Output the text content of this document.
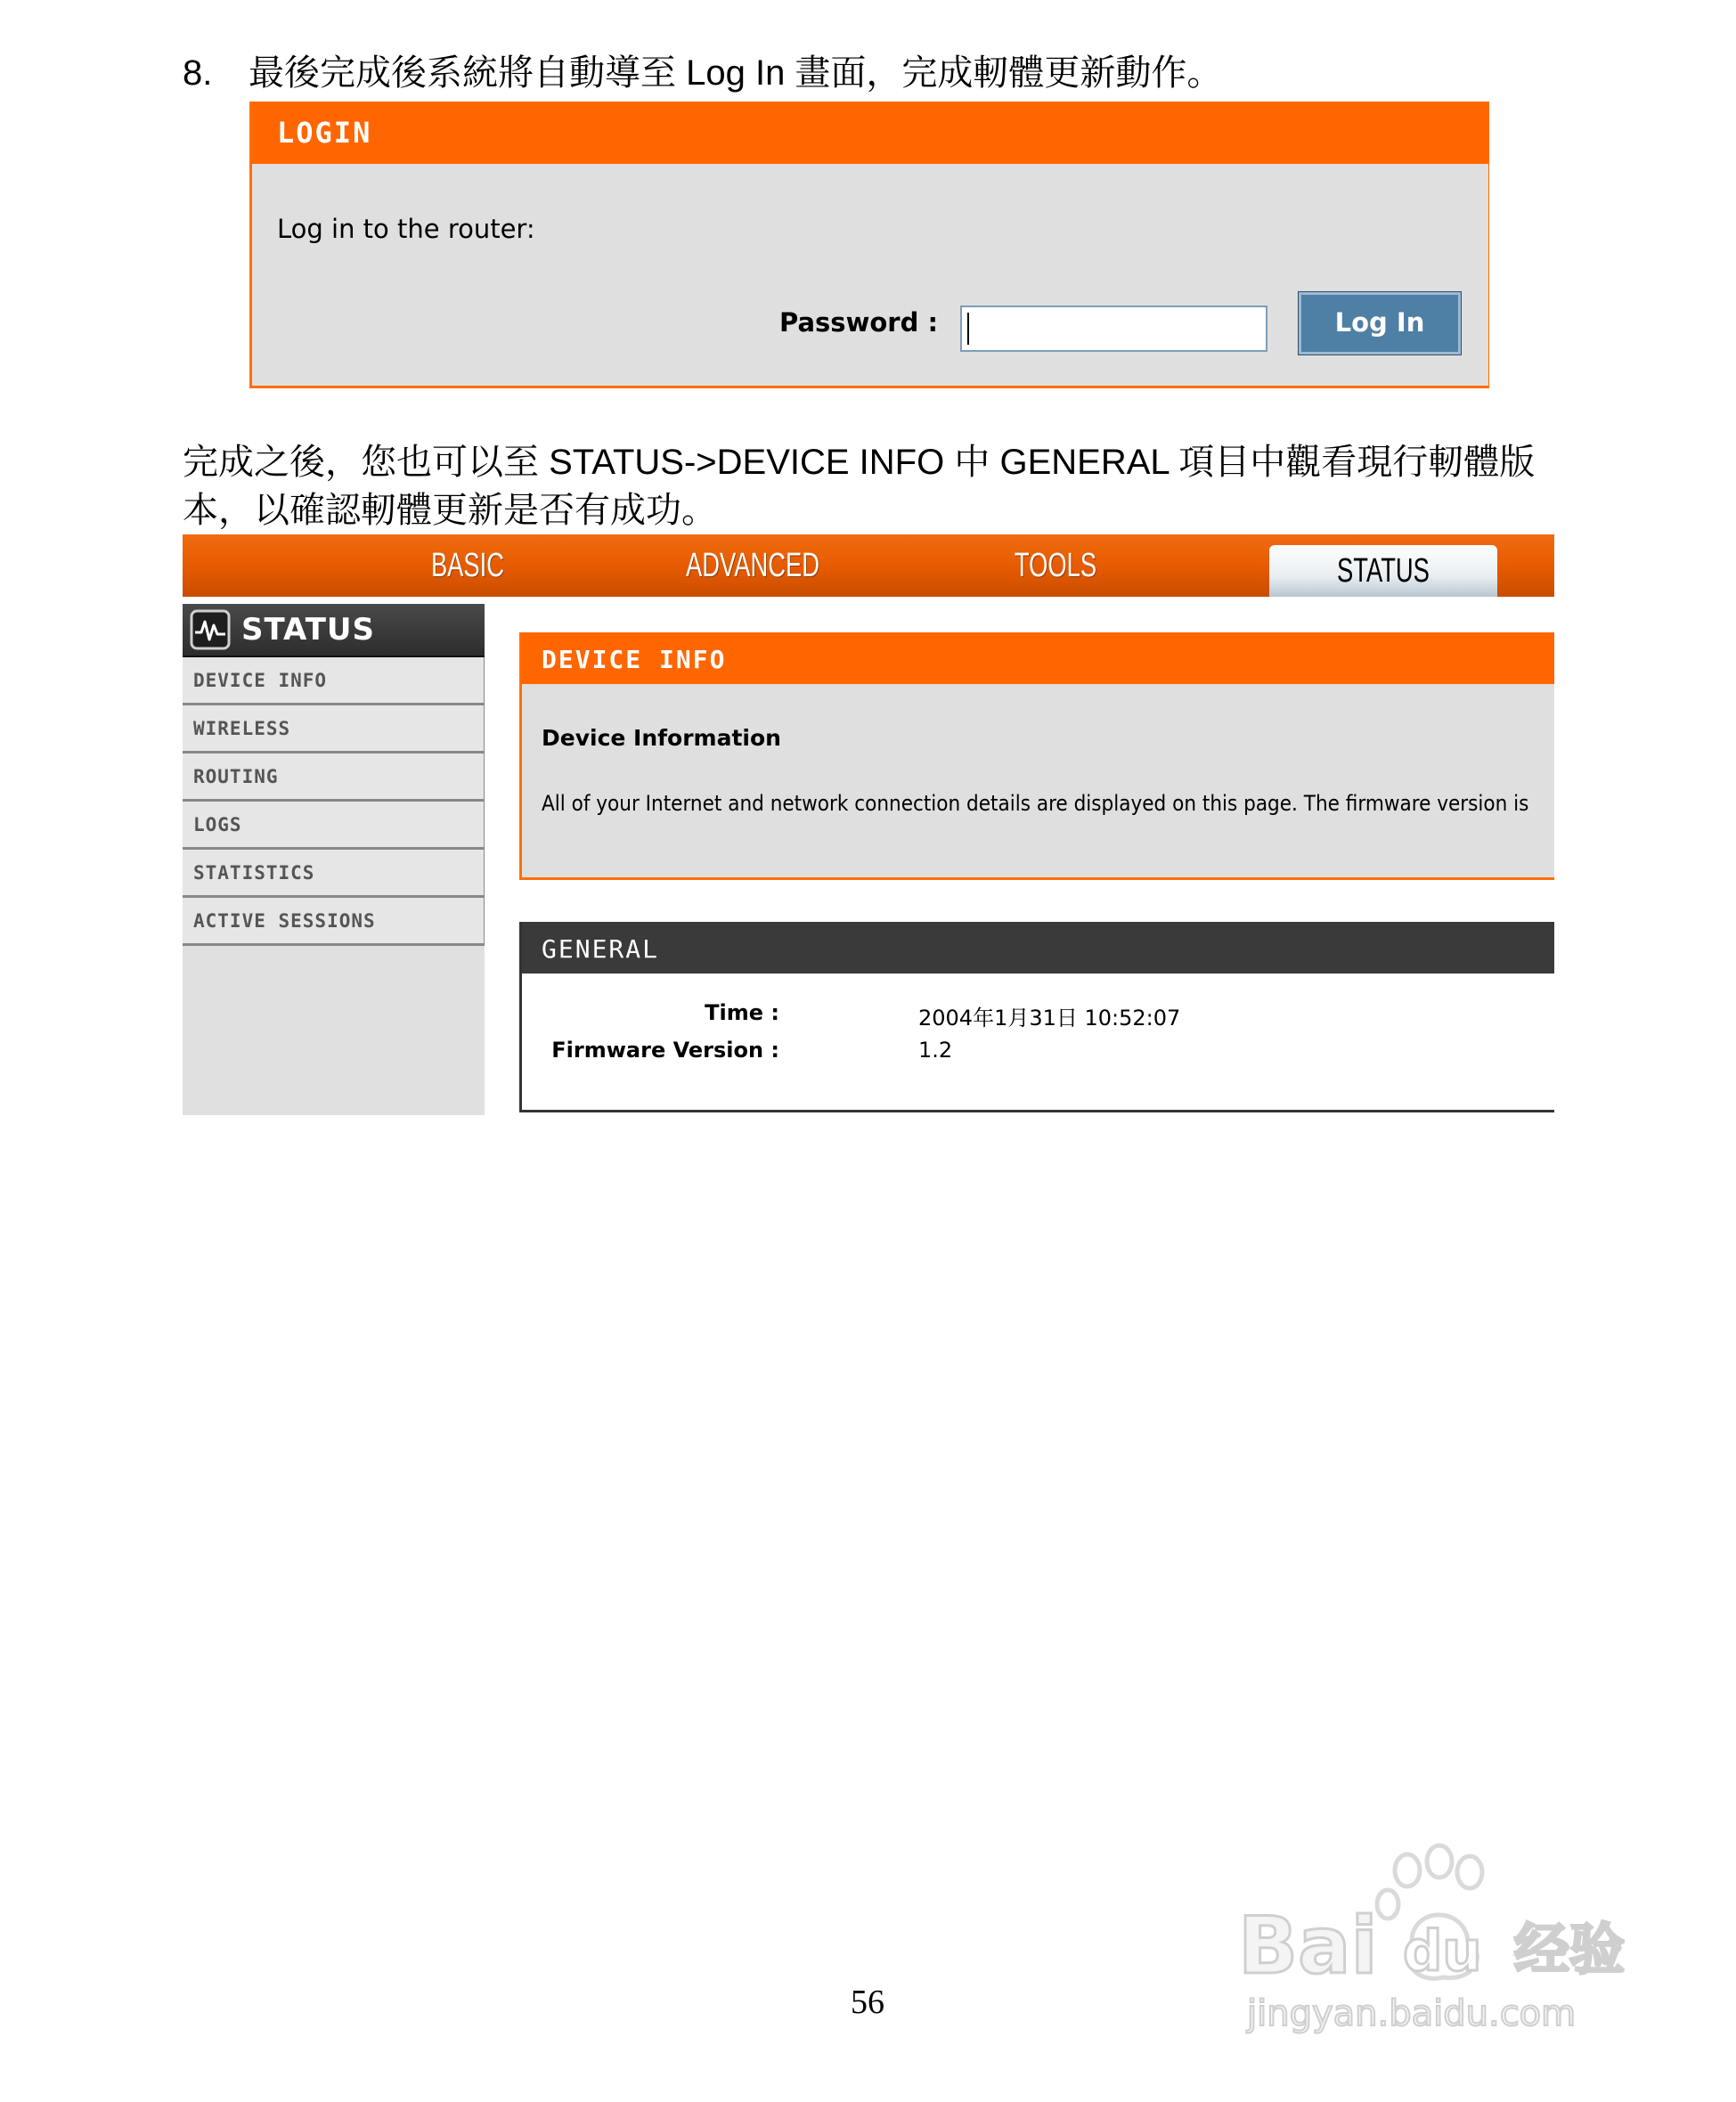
8. 最後完成後系統將自動導至 Log In 畫面，完成軔體更新動作。
LOGIN
Log in to the router:
Password :	Log In
完成之後，您也可以至 STATUS->DEVICE INFO 中 GENERAL 項目中觀看現行軔體版本，以確認軔體更新是否有成功。
BASIC	ADVANCED	TOOLS	STATUS
STATUS
DEVICE INFO
WIRELESS
ROUTING
LOGS
STATISTICS
ACTIVE SESSIONS
DEVICE INFO
Device Information
All of your Internet and network connection details are displayed on this page. The firmware version is
GENERAL
Time :	2004年1月31日 10:52:07
Firmware Version :	1.2
56
Bai du 经验
jingyan.baidu.com
